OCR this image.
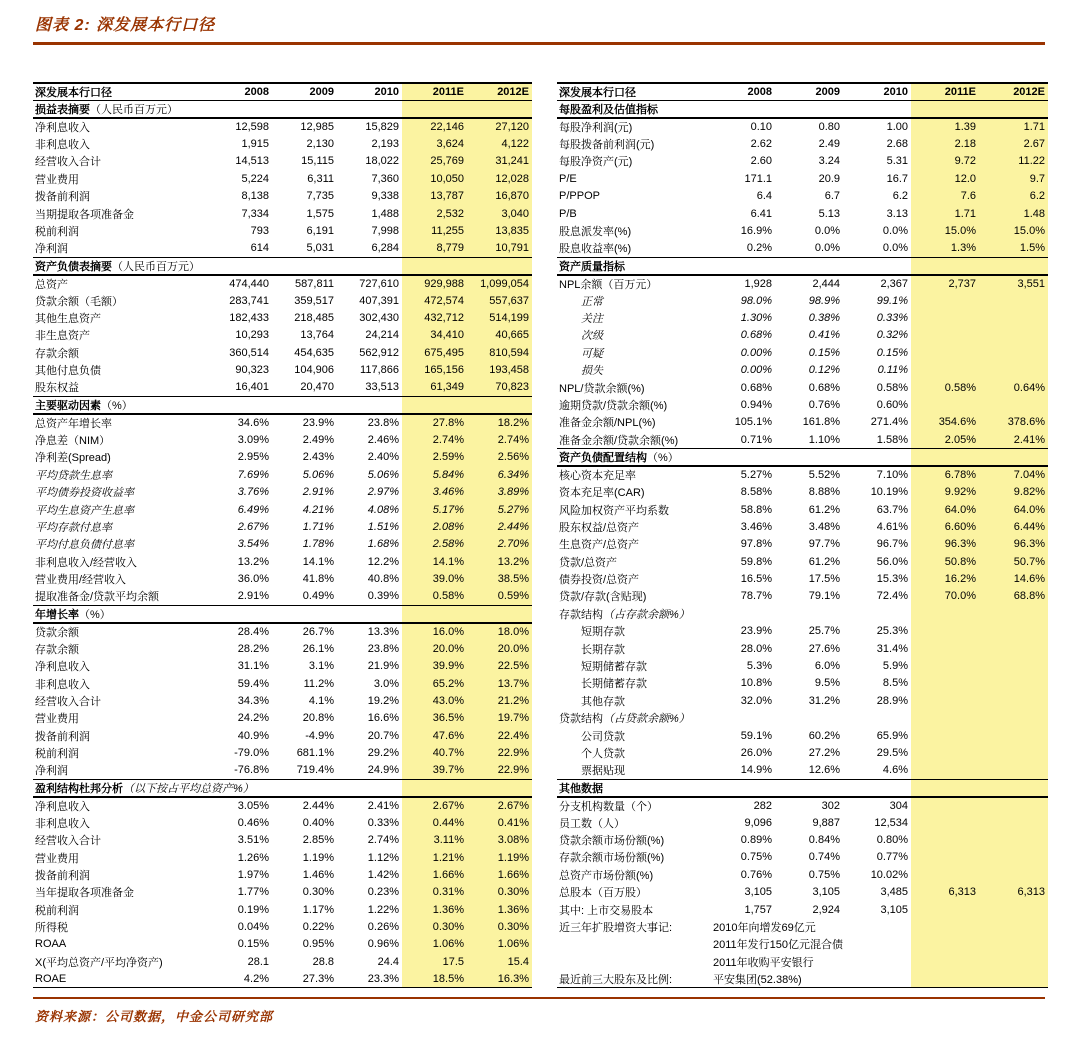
图表 2: 深发展本行口径
深发展本行口径	2008	2009	2010	2011E	2012E
损益表摘要（人民币百万元）					
净利息收入	12,598	12,985	15,829	22,146	27,120
非利息收入	1,915	2,130	2,193	3,624	4,122
经营收入合计	14,513	15,115	18,022	25,769	31,241
营业费用	5,224	6,311	7,360	10,050	12,028
拨备前利润	8,138	7,735	9,338	13,787	16,870
当期提取各项准备金	7,334	1,575	1,488	2,532	3,040
税前利润	793	6,191	7,998	11,255	13,835
净利润	614	5,031	6,284	8,779	10,791
资产负债表摘要（人民币百万元）					
总资产	474,440	587,811	727,610	929,988	1,099,054
贷款余额（毛额）	283,741	359,517	407,391	472,574	557,637
其他生息资产	182,433	218,485	302,430	432,712	514,199
非生息资产	10,293	13,764	24,214	34,410	40,665
存款余额	360,514	454,635	562,912	675,495	810,594
其他付息负债	90,323	104,906	117,866	165,156	193,458
股东权益	16,401	20,470	33,513	61,349	70,823
主要驱动因素（%）					
总资产年增长率	34.6%	23.9%	23.8%	27.8%	18.2%
净息差（NIM）	3.09%	2.49%	2.46%	2.74%	2.74%
净利差(Spread)	2.95%	2.43%	2.40%	2.59%	2.56%
平均贷款生息率	7.69%	5.06%	5.06%	5.84%	6.34%
平均债券投资收益率	3.76%	2.91%	2.97%	3.46%	3.89%
平均生息资产生息率	6.49%	4.21%	4.08%	5.17%	5.27%
平均存款付息率	2.67%	1.71%	1.51%	2.08%	2.44%
平均付息负债付息率	3.54%	1.78%	1.68%	2.58%	2.70%
非利息收入/经营收入	13.2%	14.1%	12.2%	14.1%	13.2%
营业费用/经营收入	36.0%	41.8%	40.8%	39.0%	38.5%
提取准备金/贷款平均余额	2.91%	0.49%	0.39%	0.58%	0.59%
年增长率（%）					
贷款余额	28.4%	26.7%	13.3%	16.0%	18.0%
存款余额	28.2%	26.1%	23.8%	20.0%	20.0%
净利息收入	31.1%	3.1%	21.9%	39.9%	22.5%
非利息收入	59.4%	11.2%	3.0%	65.2%	13.7%
经营收入合计	34.3%	4.1%	19.2%	43.0%	21.2%
营业费用	24.2%	20.8%	16.6%	36.5%	19.7%
拨备前利润	40.9%	-4.9%	20.7%	47.6%	22.4%
税前利润	-79.0%	681.1%	29.2%	40.7%	22.9%
净利润	-76.8%	719.4%	24.9%	39.7%	22.9%
盈利结构杜邦分析（以下按占平均总资产%）					
净利息收入	3.05%	2.44%	2.41%	2.67%	2.67%
非利息收入	0.46%	0.40%	0.33%	0.44%	0.41%
经营收入合计	3.51%	2.85%	2.74%	3.11%	3.08%
营业费用	1.26%	1.19%	1.12%	1.21%	1.19%
拨备前利润	1.97%	1.46%	1.42%	1.66%	1.66%
当年提取各项准备金	1.77%	0.30%	0.23%	0.31%	0.30%
税前利润	0.19%	1.17%	1.22%	1.36%	1.36%
所得税	0.04%	0.22%	0.26%	0.30%	0.30%
ROAA	0.15%	0.95%	0.96%	1.06%	1.06%
X(平均总资产/平均净资产)	28.1	28.8	24.4	17.5	15.4
ROAE	4.2%	27.3%	23.3%	18.5%	16.3%
深发展本行口径	2008	2009	2010	2011E	2012E
每股盈利及估值指标					
每股净利润(元)	0.10	0.80	1.00	1.39	1.71
每股拨备前利润(元)	2.62	2.49	2.68	2.18	2.67
每股净资产(元)	2.60	3.24	5.31	9.72	11.22
P/E	171.1	20.9	16.7	12.0	9.7
P/PPOP	6.4	6.7	6.2	7.6	6.2
P/B	6.41	5.13	3.13	1.71	1.48
股息派发率(%)	16.9%	0.0%	0.0%	15.0%	15.0%
股息收益率(%)	0.2%	0.0%	0.0%	1.3%	1.5%
资产质量指标					
NPL余额（百万元）	1,928	2,444	2,367	2,737	3,551
正常	98.0%	98.9%	99.1%		
关注	1.30%	0.38%	0.33%		
次级	0.68%	0.41%	0.32%		
可疑	0.00%	0.15%	0.15%		
损失	0.00%	0.12%	0.11%		
NPL/贷款余额(%)	0.68%	0.68%	0.58%	0.58%	0.64%
逾期贷款/贷款余额(%)	0.94%	0.76%	0.60%		
准备金余额/NPL(%)	105.1%	161.8%	271.4%	354.6%	378.6%
准备金余额/贷款余额(%)	0.71%	1.10%	1.58%	2.05%	2.41%
资产负债配置结构（%）					
核心资本充足率	5.27%	5.52%	7.10%	6.78%	7.04%
资本充足率(CAR)	8.58%	8.88%	10.19%	9.92%	9.82%
风险加权资产平均系数	58.8%	61.2%	63.7%	64.0%	64.0%
股东权益/总资产	3.46%	3.48%	4.61%	6.60%	6.44%
生息资产/总资产	97.8%	97.7%	96.7%	96.3%	96.3%
贷款/总资产	59.8%	61.2%	56.0%	50.8%	50.7%
债券投资/总资产	16.5%	17.5%	15.3%	16.2%	14.6%
贷款/存款(含贴现)	78.7%	79.1%	72.4%	70.0%	68.8%
存款结构（占存款余额%）					
短期存款	23.9%	25.7%	25.3%		
长期存款	28.0%	27.6%	31.4%		
短期储蓄存款	5.3%	6.0%	5.9%		
长期储蓄存款	10.8%	9.5%	8.5%		
其他存款	32.0%	31.2%	28.9%		
贷款结构（占贷款余额%）					
公司贷款	59.1%	60.2%	65.9%		
个人贷款	26.0%	27.2%	29.5%		
票据贴现	14.9%	12.6%	4.6%		
其他数据					
分支机构数量（个）	282	302	304		
员工数（人）	9,096	9,887	12,534		
贷款余额市场份额(%)	0.89%	0.84%	0.80%		
存款余额市场份额(%)	0.75%	0.74%	0.77%		
总资产市场份额(%)	0.76%	0.75%	10.02%		
总股本（百万股）	3,105	3,105	3,485	6,313	6,313
其中: 上市交易股本	1,757	2,924	3,105		
近三年扩股增资大事记:	2010年向增发69亿元				
	2011年发行150亿元混合债				
	2011年收购平安银行				
最近前三大股东及比例:	平安集团(52.38%)				
资料来源：公司数据，中金公司研究部
